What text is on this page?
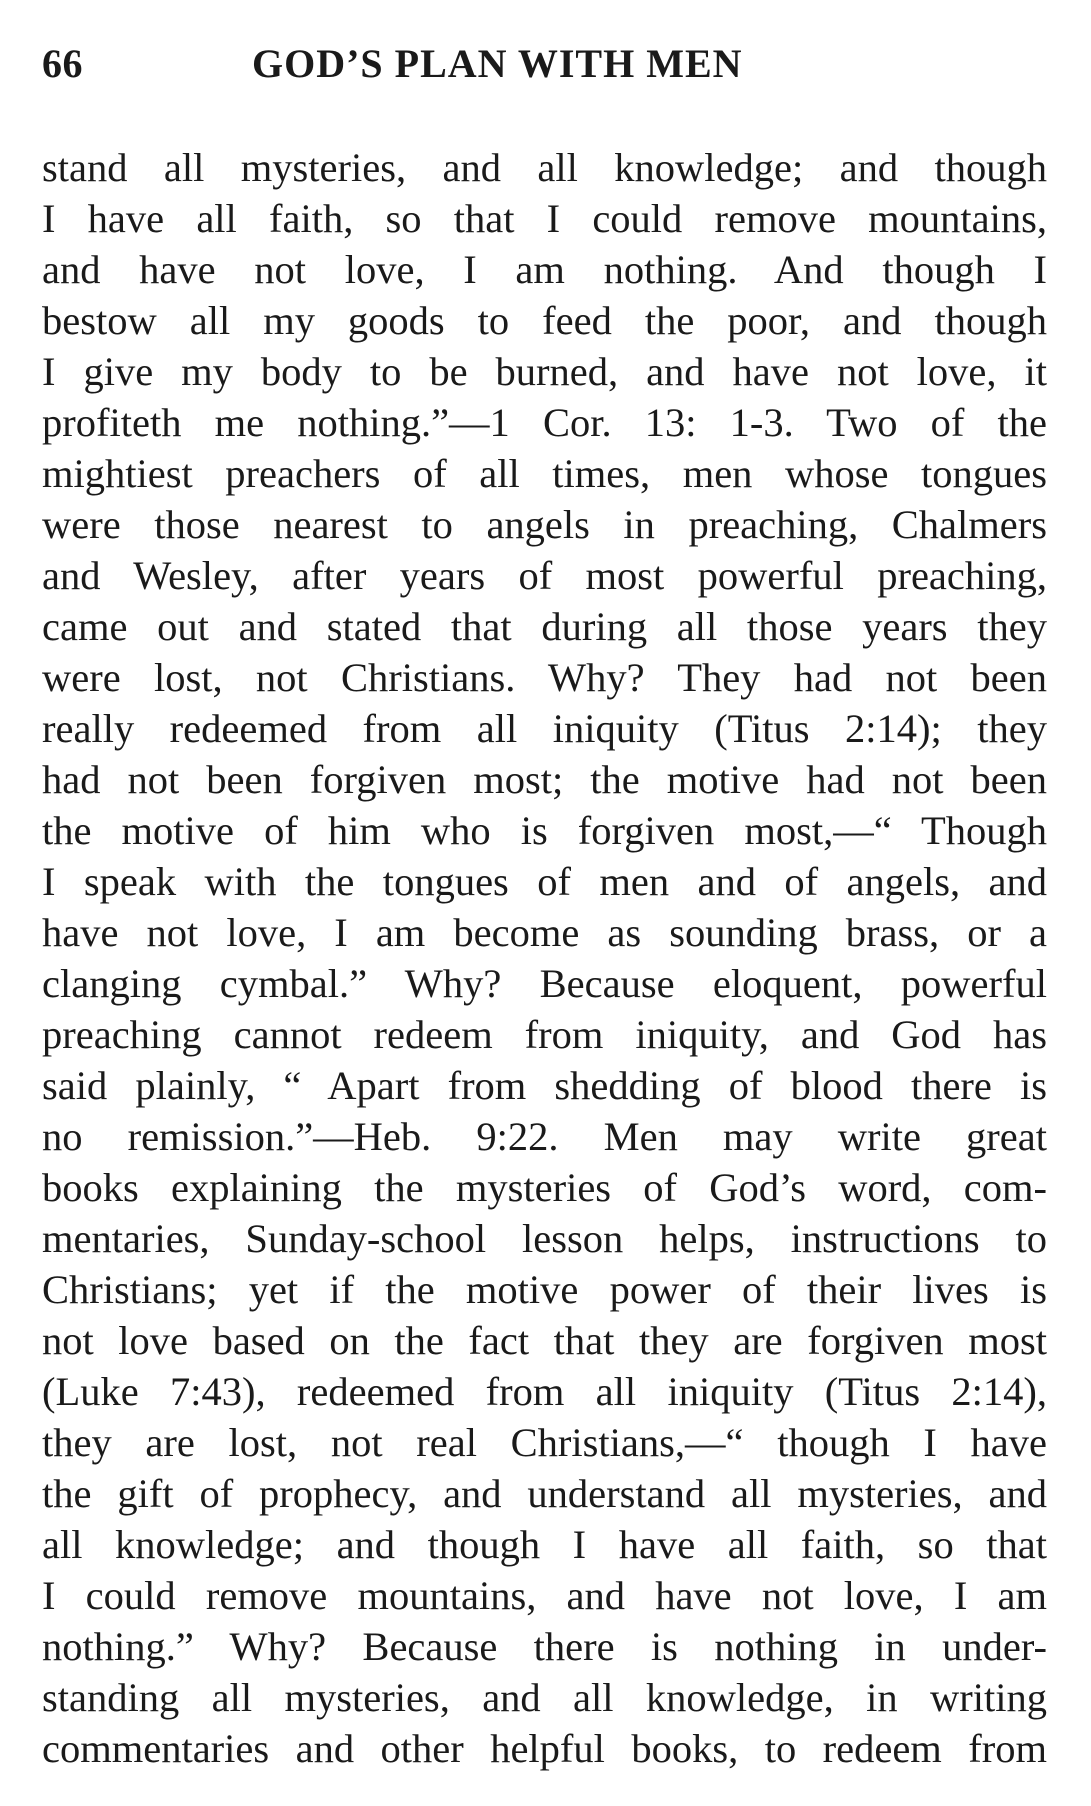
66	GOD’S PLAN WITH MEN
stand all mysteries, and all knowledge; and though
I have all faith, so that I could remove mountains,
and have not love, I am nothing. And though I
bestow all my goods to feed the poor, and though
I give my body to be burned, and have not love, it
profiteth me nothing.”—1 Cor. 13: 1-3. Two of the
mightiest preachers of all times, men whose tongues
were those nearest to angels in preaching, Chalmers
and Wesley, after years of most powerful preaching,
came out and stated that during all those years they
were lost, not Christians. Why? They had not been
really redeemed from all iniquity (Titus 2:14); they
had not been forgiven most; the motive had not been
the motive of him who is forgiven most,—“ Though
I speak with the tongues of men and of angels, and
have not love, I am become as sounding brass, or a
clanging cymbal.” Why? Because eloquent, powerful
preaching cannot redeem from iniquity, and God has
said plainly, “ Apart from shedding of blood there is
no remission.”—Heb. 9:22. Men may write great
books explaining the mysteries of God’s word, com-
mentaries, Sunday-school lesson helps, instructions to
Christians; yet if the motive power of their lives is
not love based on the fact that they are forgiven most
(Luke 7:43), redeemed from all iniquity (Titus 2:14),
they are lost, not real Christians,—“ though I have
the gift of prophecy, and understand all mysteries, and
all knowledge; and though I have all faith, so that
I could remove mountains, and have not love, I am
nothing.” Why? Because there is nothing in under-
standing all mysteries, and all knowledge, in writing
commentaries and other helpful books, to redeem from
